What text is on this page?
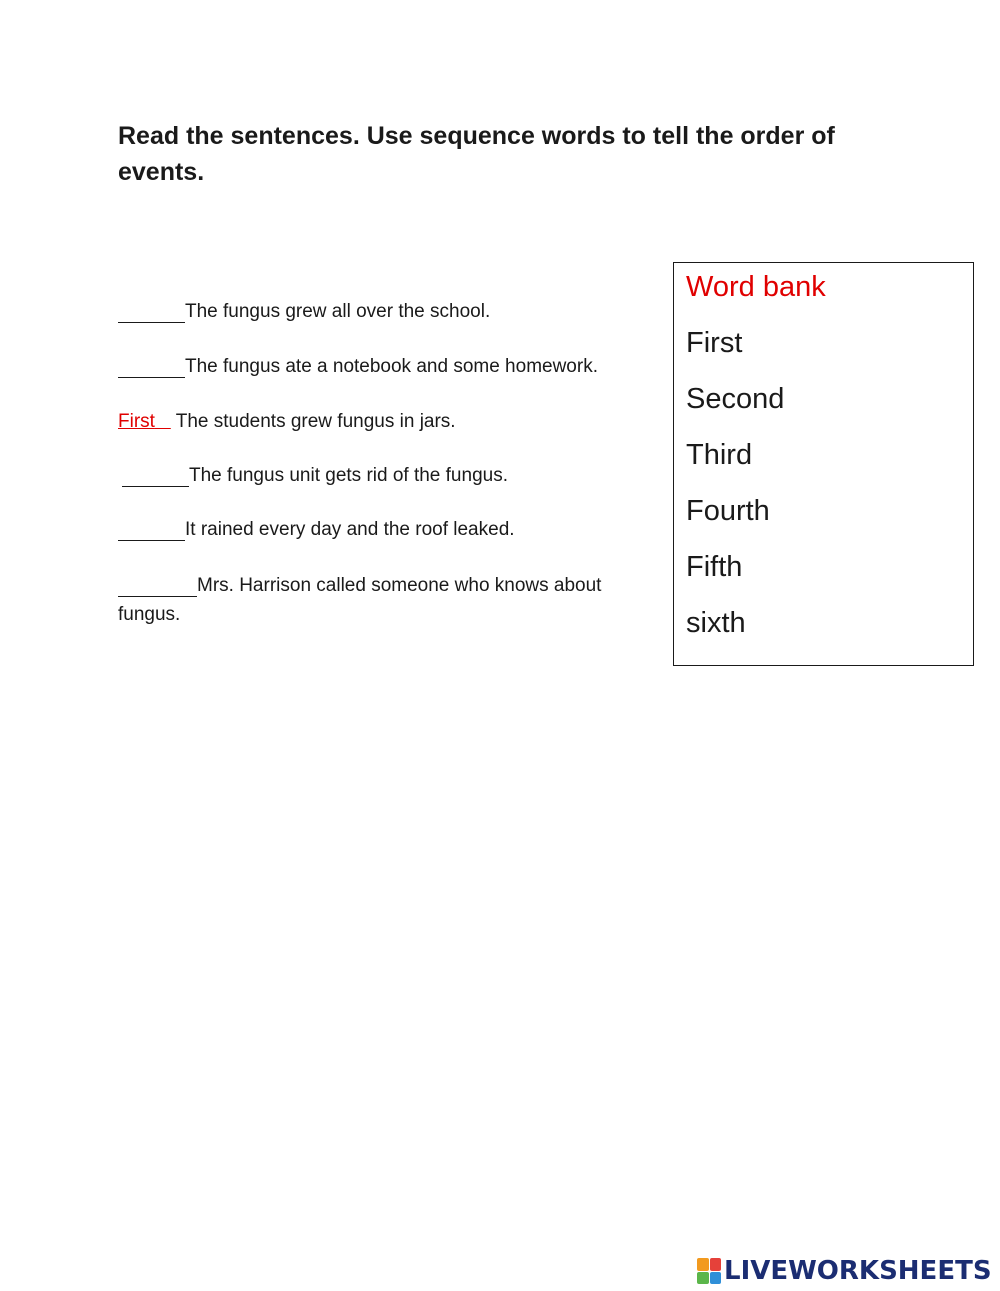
Read the sentences. Use sequence words to tell the order of events.
The fungus grew all over the school.
The fungus ate a notebook and some homework.
First The students grew fungus in jars.
The fungus unit gets rid of the fungus.
It rained every day and the roof leaked.
Mrs. Harrison called someone who knows about fungus.
Word bank
First
Second
Third
Fourth
Fifth
sixth
LIVEWORKSHEETS
